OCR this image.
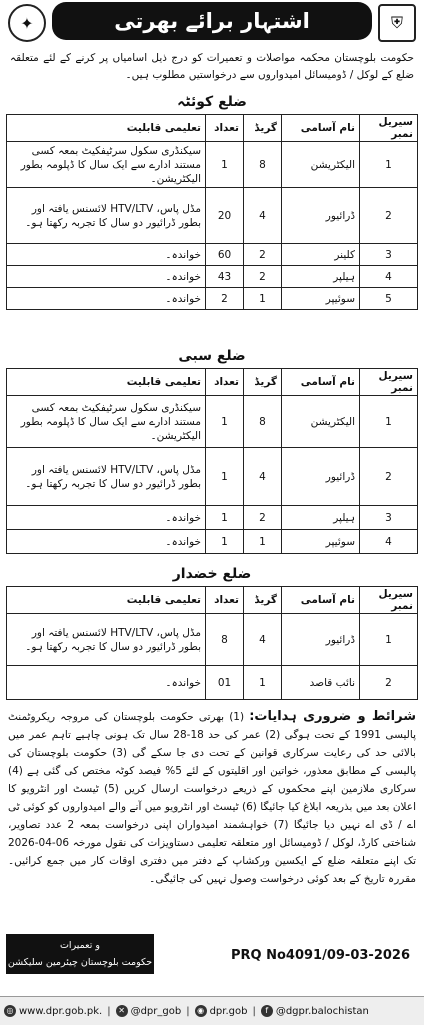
✦	اشتہار برائے بھرتی	⛨
حکومت بلوچستان محکمہ مواصلات و تعمیرات کو درج ذیل اسامیاں پر کرنے کے لئے متعلقہ ضلع کے لوکل / ڈومیسائل امیدواروں سے درخواستیں مطلوب ہیں۔
ضلع کوئٹہ
سیریل نمبر	نام آسامی	گریڈ	تعداد	تعلیمی قابلیت
1	الیکٹریشن	8	1	سیکنڈری سکول سرٹیفکیٹ بمعہ کسی مستند ادارے سے ایک سال کا ڈپلومہ بطور الیکٹریشن۔
2	ڈرائیور	4	20	مڈل پاس، HTV/LTV لائسنس یافتہ اور بطور ڈرائیور دو سال کا تجربہ رکھتا ہو۔
3	کلینر	2	60	خواندہ۔
4	ہیلپر	2	43	خواندہ۔
5	سوئیپر	1	2	خواندہ۔
ضلع سبی
سیریل نمبر	نام آسامی	گریڈ	تعداد	تعلیمی قابلیت
1	الیکٹریشن	8	1	سیکنڈری سکول سرٹیفکیٹ بمعہ کسی مستند ادارے سے ایک سال کا ڈپلومہ بطور الیکٹریشن۔
2	ڈرائیور	4	1	مڈل پاس، HTV/LTV لائسنس یافتہ اور بطور ڈرائیور دو سال کا تجربہ رکھتا ہو۔
3	ہیلپر	2	1	خواندہ۔
4	سوئیپر	1	1	خواندہ۔
ضلع خضدار
سیریل نمبر	نام آسامی	گریڈ	تعداد	تعلیمی قابلیت
1	ڈرائیور	4	8	مڈل پاس، HTV/LTV لائسنس یافتہ اور بطور ڈرائیور دو سال کا تجربہ رکھتا ہو۔
2	نائب قاصد	1	01	خواندہ۔
شرائط و ضروری ہدایات: (1) بھرتی حکومت بلوچستان کی مروجہ ریکروٹمنٹ پالیسی 1991 کے تحت ہوگی (2) عمر کی حد 18-28 سال تک ہونی چاہیے تاہم عمر میں بالائی حد کی رعایت سرکاری قوانین کے تحت دی جا سکے گی (3) حکومت بلوچستان کی پالیسی کے مطابق معذور، خواتین اور اقلیتوں کے لئے 5% فیصد کوٹہ مختص کی گئی ہے (4) سرکاری ملازمین اپنے محکموں کے ذریعے درخواست ارسال کریں (5) ٹیسٹ اور انٹرویو کا اعلان بعد میں بذریعہ ابلاغ کیا جائیگا (6) ٹیسٹ اور انٹرویو میں آنے والے امیدواروں کو کوئی ٹی اے / ڈی اے نہیں دیا جائیگا (7) خواہشمند امیدواران اپنی درخواست بمعہ 2 عدد تصاویر، شناختی کارڈ، لوکل / ڈومیسائل اور متعلقہ تعلیمی دستاویزات کی نقول مورخہ 06-04-2026 تک اپنے متعلقہ ضلع کے ایکسین ورکشاپ کے دفتر میں دفتری اوقات کار میں جمع کرائیں۔ مقررہ تاریخ کے بعد کوئی درخواست وصول نہیں کی جائیگی۔
چیف انجینئر/ ای ایم محکمہ مواصلات و تعمیرات
حکومت بلوچستان چیئرمین سلیکشن کمیٹی
PRQ No4091/09-03-2026
◎ www.dpr.gob.pk. | ✕ @dpr_gob | ◉ dpr.gob |	f @dgpr.balochistan
